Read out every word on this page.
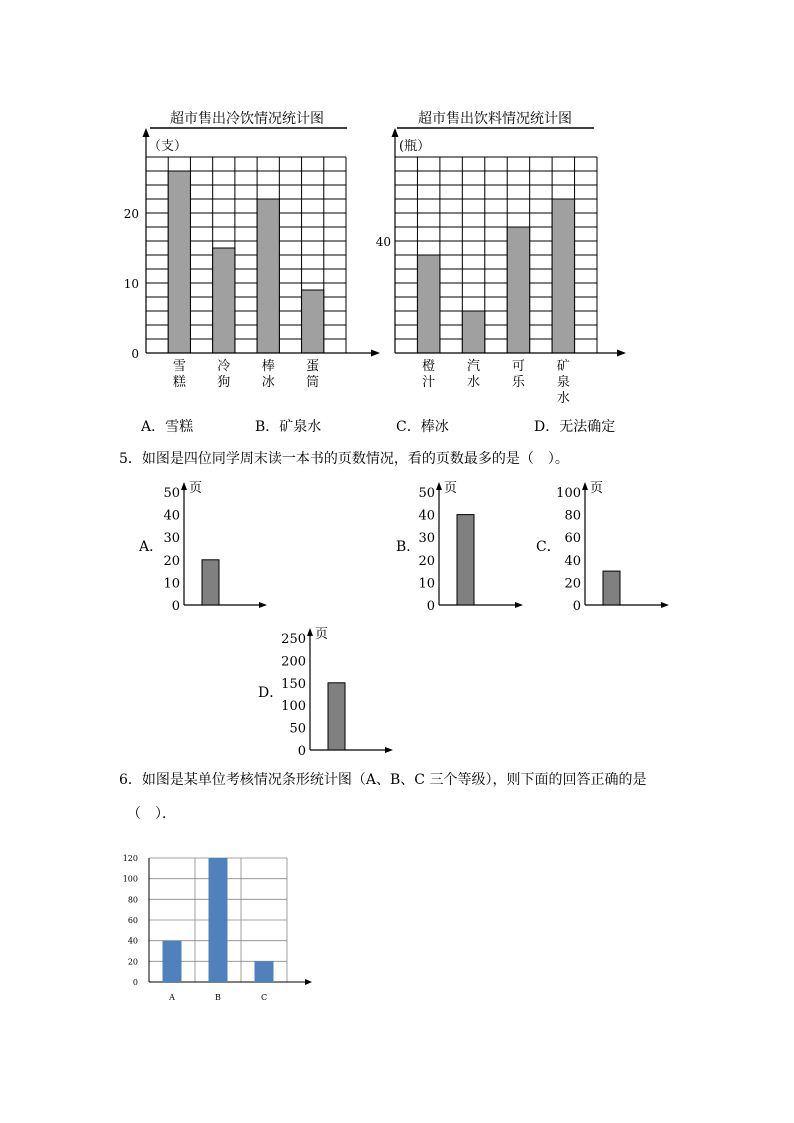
超市售出冷饮情况统计图	超市售出饮料情况统计图
（支）
0
10
20
雪
糕
冷
狗
棒
冰
蛋
筒
(瓶）
40
橙
汁
汽
水
可
乐
矿
泉
水
A．雪糕	B．矿泉水	C．棒冰	D．无法确定
5．如图是四位同学周末读一本书的页数情况，看的页数最多的是（　）。
页
50
40
30
20
10
0
页
50
40
30
20
10
0
页
100
80
60
40
20
0
页
250
200
150
100
50
0
A．	B．	C．
D．
6．如图是某单位考核情况条形统计图（A、B、C 三个等级），则下面的回答正确的是
（　）．
120
100
80
60
40
20
0
A	B	C
